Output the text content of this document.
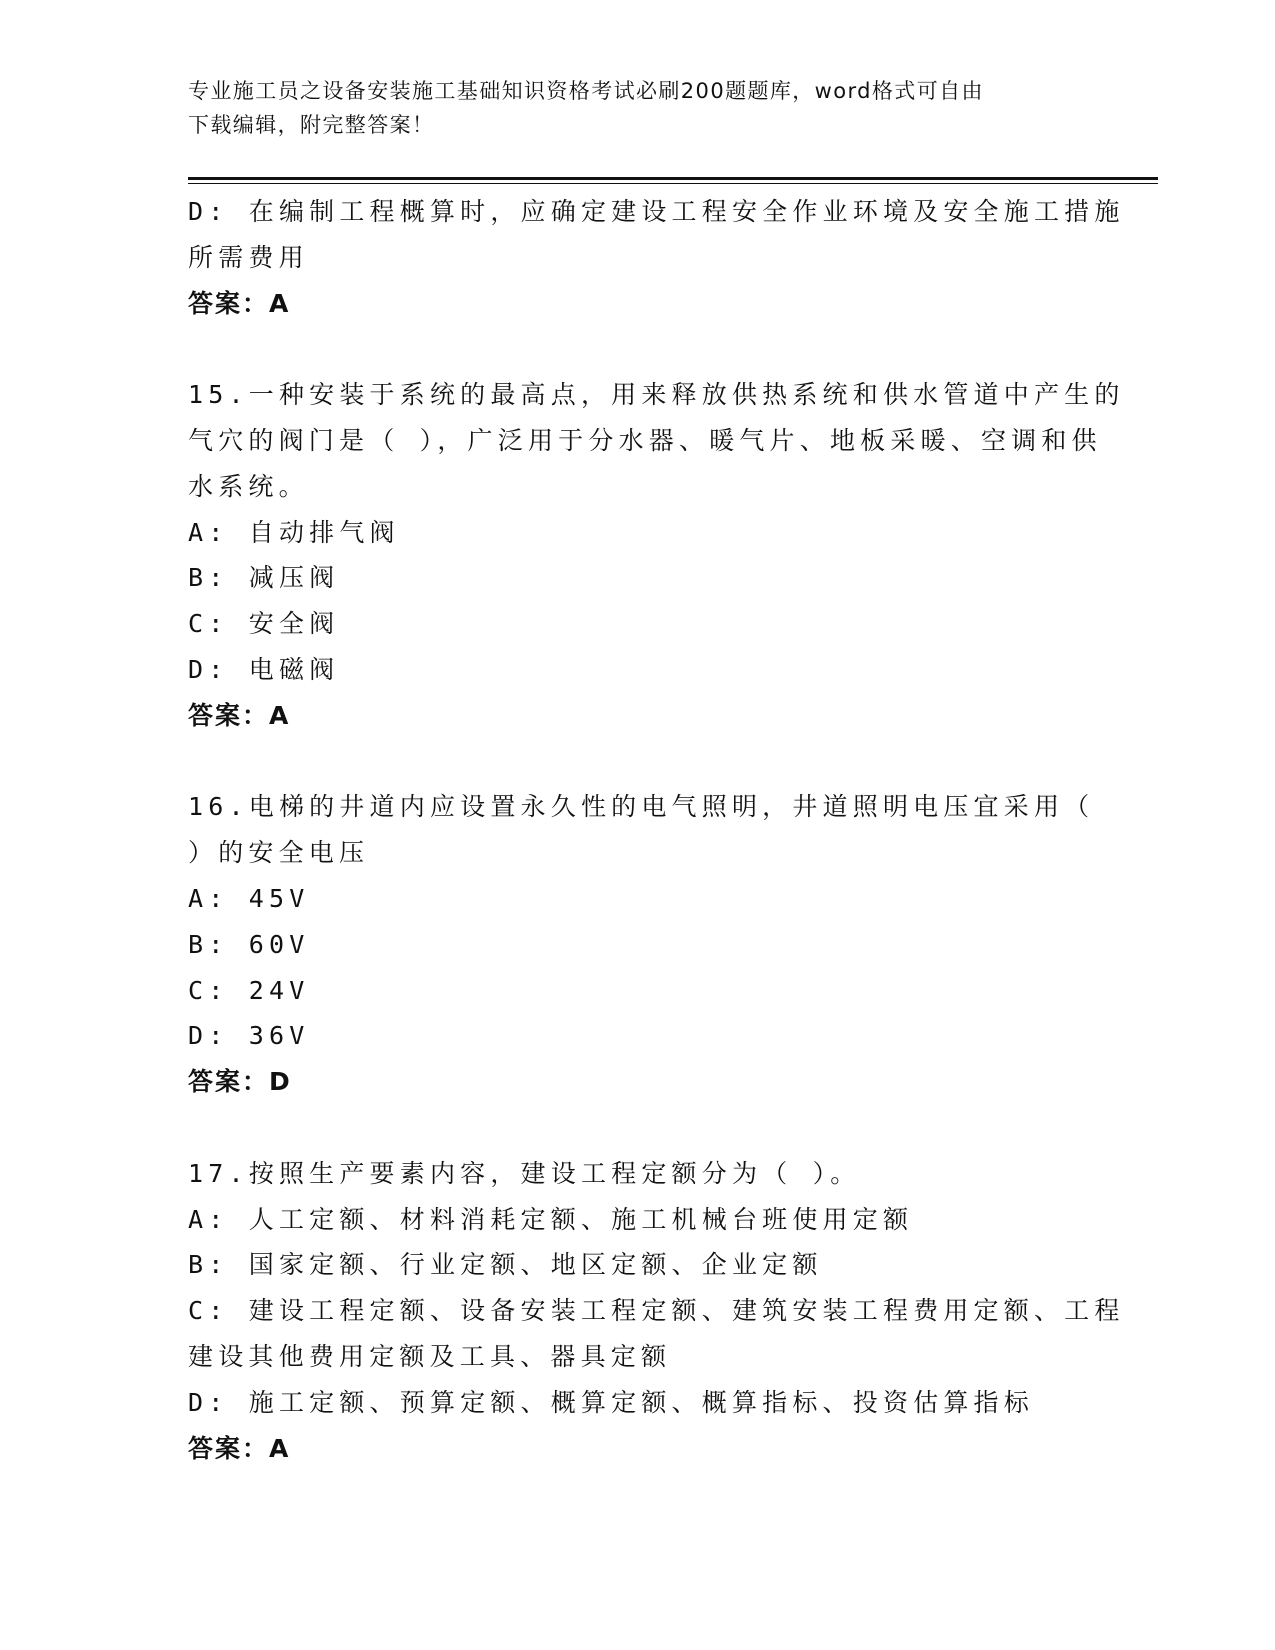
专业施工员之设备安装施工基础知识资格考试必刷200题题库，word格式可自由
下载编辑，附完整答案！
D: 在编制工程概算时，应确定建设工程安全作业环境及安全施工措施
所需费用
答案：A
15.一种安装于系统的最高点，用来释放供热系统和供水管道中产生的
气穴的阀门是（ ），广泛用于分水器、暖气片、地板采暖、空调和供
水系统。
A: 自动排气阀
B: 减压阀
C: 安全阀
D: 电磁阀
答案：A
16.电梯的井道内应设置永久性的电气照明，井道照明电压宜采用（
）的安全电压
A: 45V
B: 60V
C: 24V
D: 36V
答案：D
17.按照生产要素内容，建设工程定额分为（ ）。
A: 人工定额、材料消耗定额、施工机械台班使用定额
B: 国家定额、行业定额、地区定额、企业定额
C: 建设工程定额、设备安装工程定额、建筑安装工程费用定额、工程
建设其他费用定额及工具、器具定额
D: 施工定额、预算定额、概算定额、概算指标、投资估算指标
答案：A
